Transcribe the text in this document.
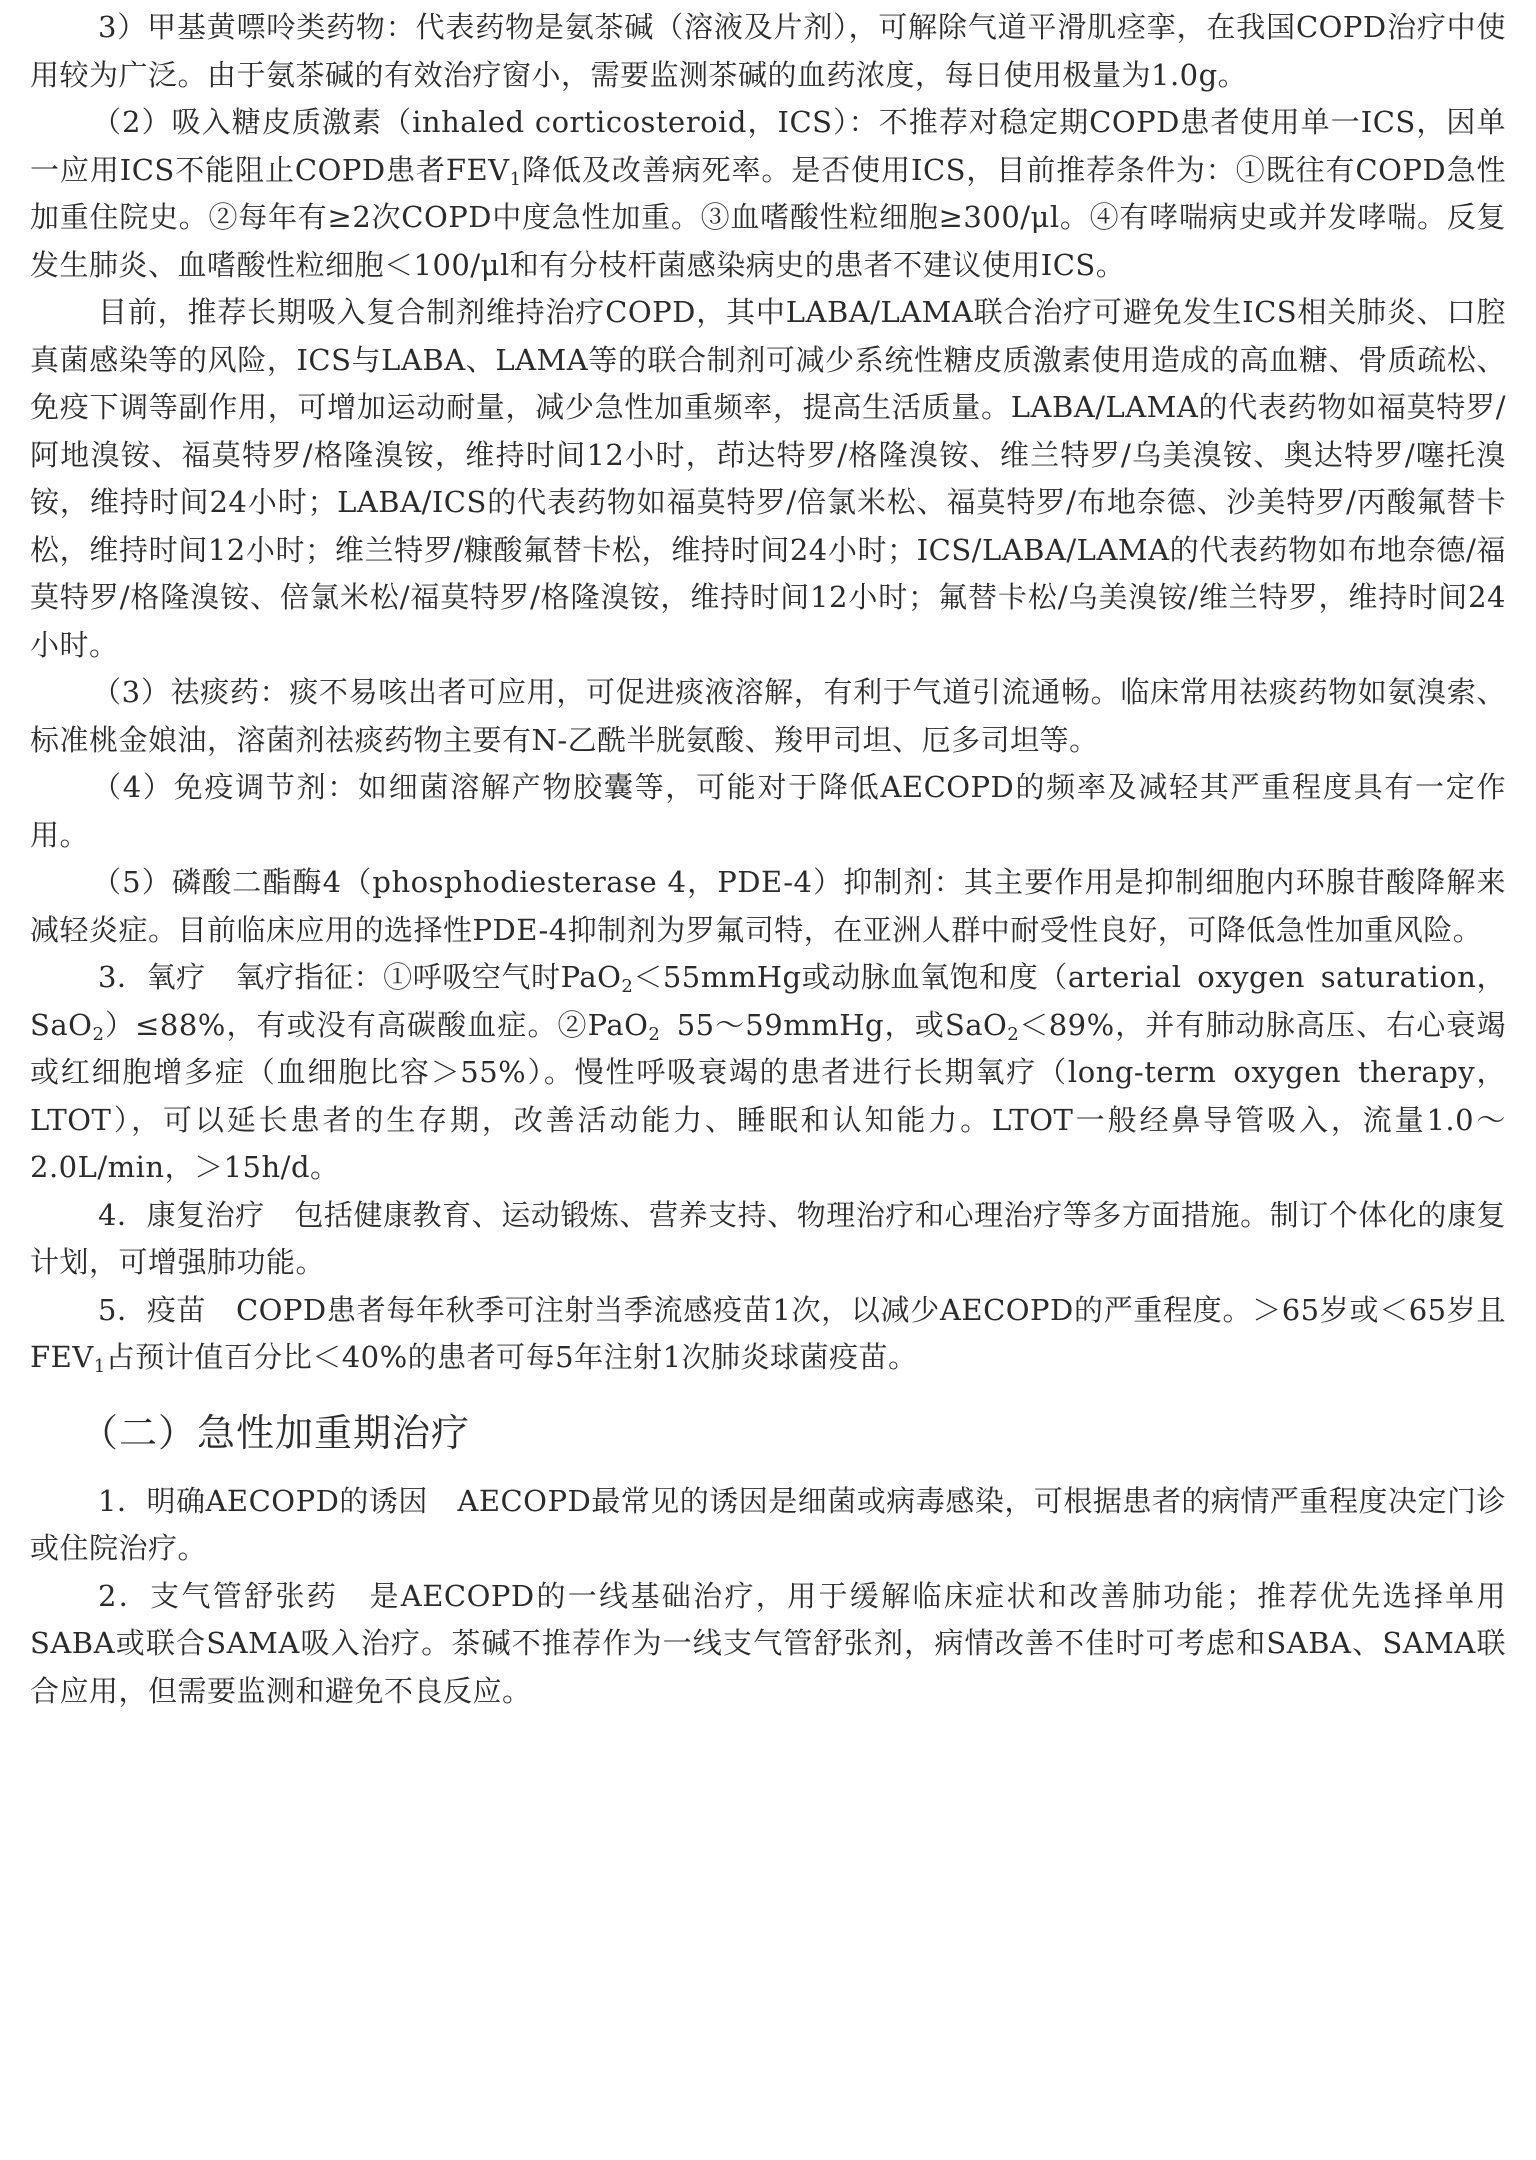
3）甲基黄嘌呤类药物：代表药物是氨茶碱（溶液及片剂），可解除气道平滑肌痉挛，在我国COPD治疗中使用较为广泛。由于氨茶碱的有效治疗窗小，需要监测茶碱的血药浓度，每日使用极量为1.0g。

（2）吸入糖皮质激素（inhaled corticosteroid，ICS）：不推荐对稳定期COPD患者使用单一ICS，因单一应用ICS不能阻止COPD患者$FEV_1$降低及改善病死率。是否使用ICS，目前推荐条件为：①既往有COPD急性加重住院史。②每年有≥2次COPD中度急性加重。③血嗜酸性粒细胞≥300/μl。④有哮喘病史或并发哮喘。反复发生肺炎、血嗜酸性粒细胞＜100/μl和有分枝杆菌感染病史的患者不建议使用ICS。

目前，推荐长期吸入复合制剂维持治疗COPD，其中LABA/LAMA联合治疗可避免发生ICS相关肺炎、口腔真菌感染等的风险，ICS与LABA、LAMA等的联合制剂可减少系统性糖皮质激素使用造成的高血糖、骨质疏松、免疫下调等副作用，可增加运动耐量，减少急性加重频率，提高生活质量。LABA/LAMA的代表药物如福莫特罗/阿地溴铵、福莫特罗/格隆溴铵，维持时间12小时，茚达特罗/格隆溴铵、维兰特罗/乌美溴铵、奥达特罗/噻托溴铵，维持时间24小时；LABA/ICS的代表药物如福莫特罗/倍氯米松、福莫特罗/布地奈德、沙美特罗/丙酸氟替卡松，维持时间12小时；维兰特罗/糠酸氟替卡松，维持时间24小时；ICS/LABA/LAMA的代表药物如布地奈德/福莫特罗/格隆溴铵、倍氯米松/福莫特罗/格隆溴铵，维持时间12小时；氟替卡松/乌美溴铵/维兰特罗，维持时间24小时。

（3）祛痰药：痰不易咳出者可应用，可促进痰液溶解，有利于气道引流通畅。临床常用祛痰药物如氨溴索、标准桃金娘油，溶菌剂祛痰药物主要有N-乙酰半胱氨酸、羧甲司坦、厄多司坦等。

（4）免疫调节剂：如细菌溶解产物胶囊等，可能对于降低AECOPD的频率及减轻其严重程度具有一定作用。

（5）磷酸二酯酶4（phosphodiesterase 4，PDE-4）抑制剂：其主要作用是抑制细胞内环腺苷酸降解来减轻炎症。目前临床应用的选择性PDE-4抑制剂为罗氟司特，在亚洲人群中耐受性良好，可降低急性加重风险。

3．氧疗　氧疗指征：①呼吸空气时PaO$_2$＜55mmHg或动脉血氧饱和度（arterial oxygen saturation，SaO$_2$）≤88%，有或没有高碳酸血症。②PaO$_2$ 55～59mmHg，或SaO$_2$＜89%，并有肺动脉高压、右心衰竭或红细胞增多症（血细胞比容＞55%）。慢性呼吸衰竭的患者进行长期氧疗（long-term oxygen therapy，LTOT），可以延长患者的生存期，改善活动能力、睡眠和认知能力。LTOT一般经鼻导管吸入，流量1.0～2.0L/min，＞15h/d。

4．康复治疗　包括健康教育、运动锻炼、营养支持、物理治疗和心理治疗等多方面措施。制订个体化的康复计划，可增强肺功能。

5．疫苗　COPD患者每年秋季可注射当季流感疫苗1次，以减少AECOPD的严重程度。＞65岁或＜65岁且$FEV_1$占预计值百分比＜40%的患者可每5年注射1次肺炎球菌疫苗。

（二）急性加重期治疗

1．明确AECOPD的诱因　AECOPD最常见的诱因是细菌或病毒感染，可根据患者的病情严重程度决定门诊或住院治疗。

2．支气管舒张药　是AECOPD的一线基础治疗，用于缓解临床症状和改善肺功能；推荐优先选择单用SABA或联合SAMA吸入治疗。茶碱不推荐作为一线支气管舒张剂，病情改善不佳时可考虑和SABA、SAMA联合应用，但需要监测和避免不良反应。
